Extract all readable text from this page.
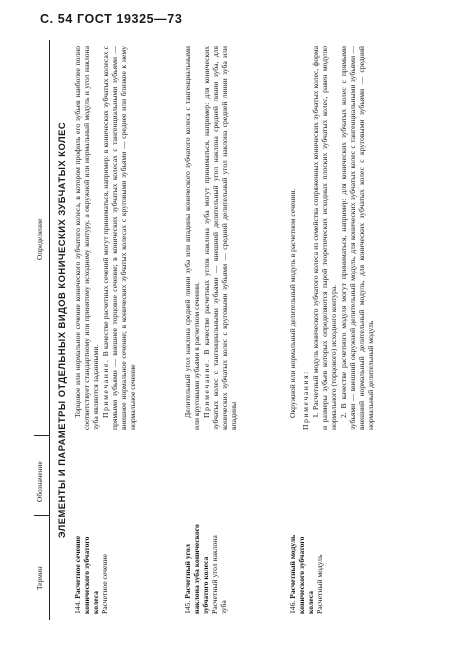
С. 54 ГОСТ 19325—73
Термин
Обозначение
Определение ЭЛЕМЕНТЫ И ПАРАМЕТРЫ ОТДЕЛЬНЫХ ВИДОВ КОНИЧЕСКИХ ЗУБЧАТЫХ КОЛЕС
144. Расчетное сечение конического зубчатого колеса
Расчетное сечение

Торцовое или нормальное сечение конического зубчатого колеса, в котором профиль его зубьев наиболее полно соответствует стандартному или принятому исходному контуру, а окружной или нормальный модуль и угол наклона зуба являются заданными. Примечание. В качестве расчетных сечений могут приниматься, например: в конических зубчатых колесах с прямыми зубьями — внешнее торцовое сечение; в конических зубчатых колесах с тангенциальными зубьями — внешнее нормальное сечение; в конических зубчатых колесах с круговыми зубьями — среднее или близкое к нему нормальное сечение

145. Расчетный угол наклона зуба конического зубчатого колеса
Расчетный угол наклона зуба

Делительный угол наклона средней линии зуба или впадины конического зубчатого колеса с тангенциальными или круговыми зубьями в расчетном сечении. Примечание. В качестве расчетных углов наклона зуба могут приниматься, например: для конических зубчатых колес с тангенциальными зубьями — внешний делительный угол наклона средней линии зуба, для конических зубчатых колес с круговыми зубьями — средний делительный угол наклона средней линии зуба или впадины

146. Расчетный модуль конического зубчатого колеса
Расчетный модуль

Окружной или нормальный делительный модуль в расчетном сечении. Примечания: 1. Расчетный модуль конического зубчатого колеса из семейства сопряженных конических зубчатых колес, форма и размеры зубьев которых определяются парой теоретических исходных плоских зубчатых колес, равен модулю нормального (торцового) исходного контура. 2. В качестве расчетного модуля могут приниматься, например: для конических зубчатых колес с прямыми зубьями — внешний окружной делительный модуль, для конических зубчатых колес с тангенциальными зубьями — внешний нормальный делительный модуль, для конических зубчатых колес с круговыми зубьями — средний нормальный делительный модуль
